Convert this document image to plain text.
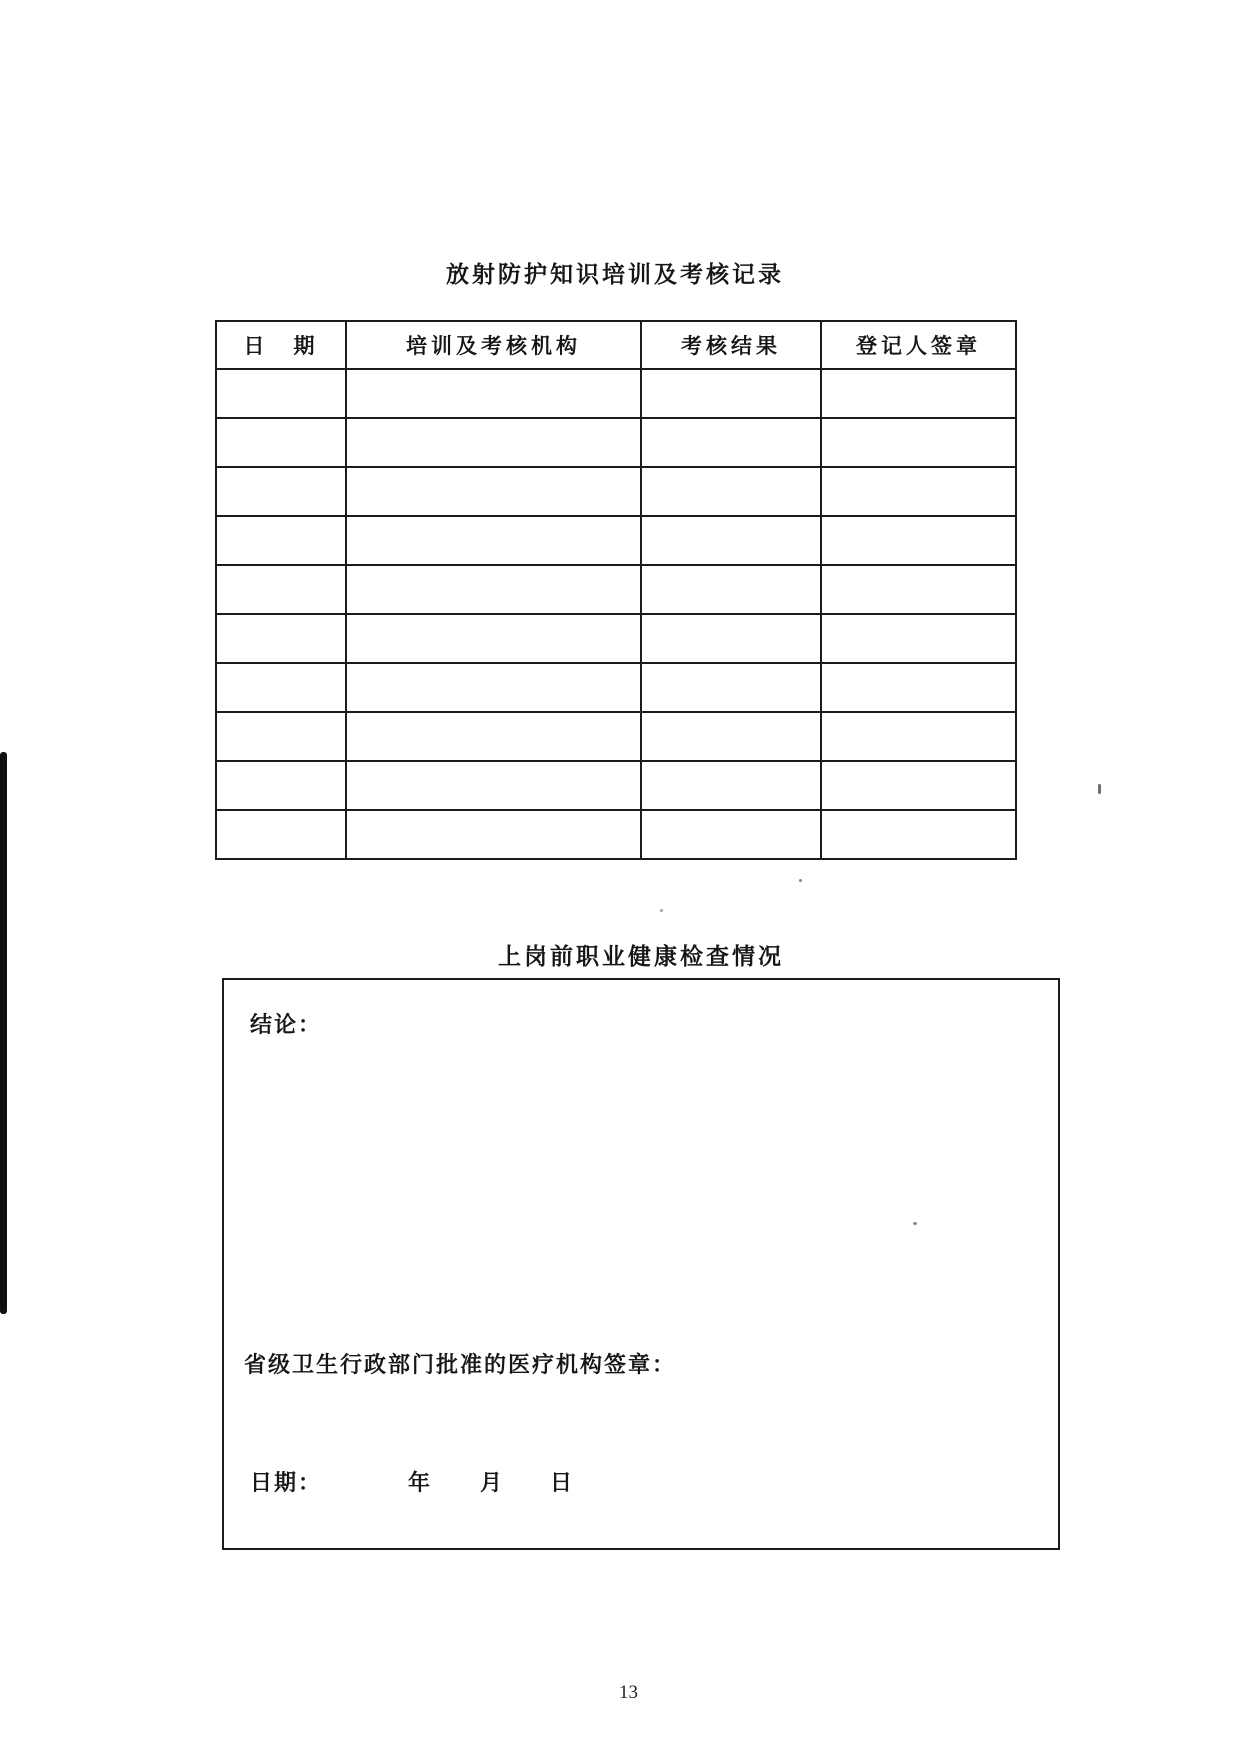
放射防护知识培训及考核记录
日　期	培训及考核机构	考核结果	登记人签章

上岗前职业健康检查情况
结论：
省级卫生行政部门批准的医疗机构签章：
日期：	年 月 日
13
